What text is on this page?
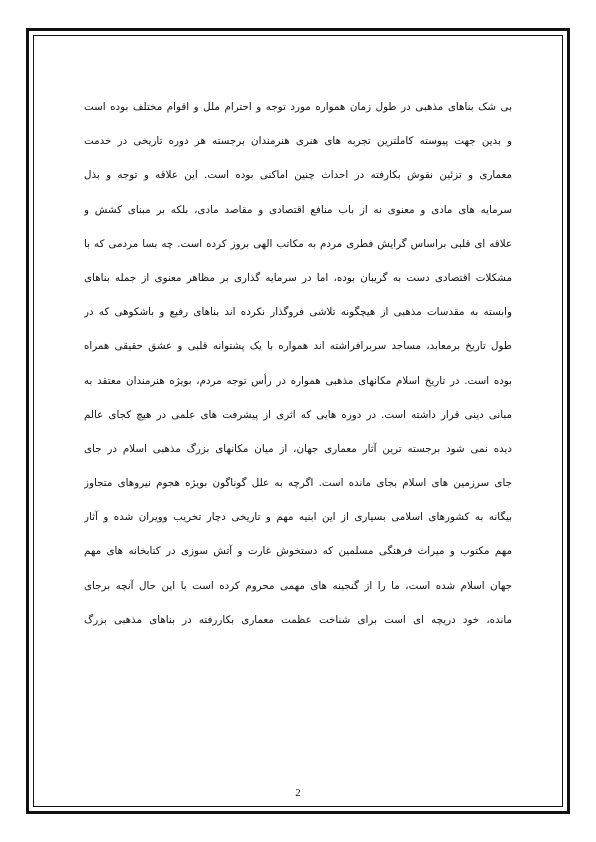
بی شک بناهای مذهبی در طول زمان همواره مورد توجه و احترام ملل و اقوام مختلف بوده است
و بدین جهت پیوسته کاملترین تجربه های هنری هنرمندان برجسته هر دوره تاریخی در خدمت
معماری و تزئین نقوش بکارفته در احداث چنین اماکنی بوده است. این علاقه و توجه و بذل
سرمایه های مادی و معنوی نه از باب منافع اقتصادی و مقاصد مادی، بلکه بر مبنای کشش و
علاقه ای قلبی براساس گرایش فطری مردم به مکاتب الهی بروز کرده است. چه بسا مردمی که با
مشکلات اقتصادی دست به گریبان بوده، اما در سرمایه گذاری بر مظاهر معنوی از جمله بناهای
وابسته به مقدسات مذهبی از هیچگونه تلاشی فروگذار نکرده اند بناهای رفیع و باشکوهی که در
طول تاریخ برمعابد، مساجد سربرافراشته اند همواره با یک پشتوانه قلبی و عشق حقیقی همراه
بوده است. در تاریخ اسلام مکانهای مذهبی همواره در رأس توجه مردم، بویژه هنرمندان معتقد به
مبانی دینی قرار داشته است. در دوره هایی که اثری از پیشرفت های علمی در هیچ کجای عالم
دیده نمی شود برجسته ترین آثار معماری جهان، از میان مکانهای بزرگ مذهبی اسلام در جای
جای سرزمین های اسلام بجای مانده است. اگرچه به علل گوناگون بویژه هجوم نیروهای متجاوز
بیگانه به کشورهای اسلامی بسیاری از این ابنیه مهم و تاریخی دچار تخریب وویران شده و آثار
مهم مکتوب و میراث فرهنگی مسلمین که دستخوش غارت و آتش سوزی در کتابخانه های مهم
جهان اسلام شده است، ما را از گنجینه های مهمی محروم کرده است با این حال آنچه برجای
مانده، خود دریچه ای است برای شناخت عظمت معماری بکاررفته در بناهای مذهبی بزرگ
2
